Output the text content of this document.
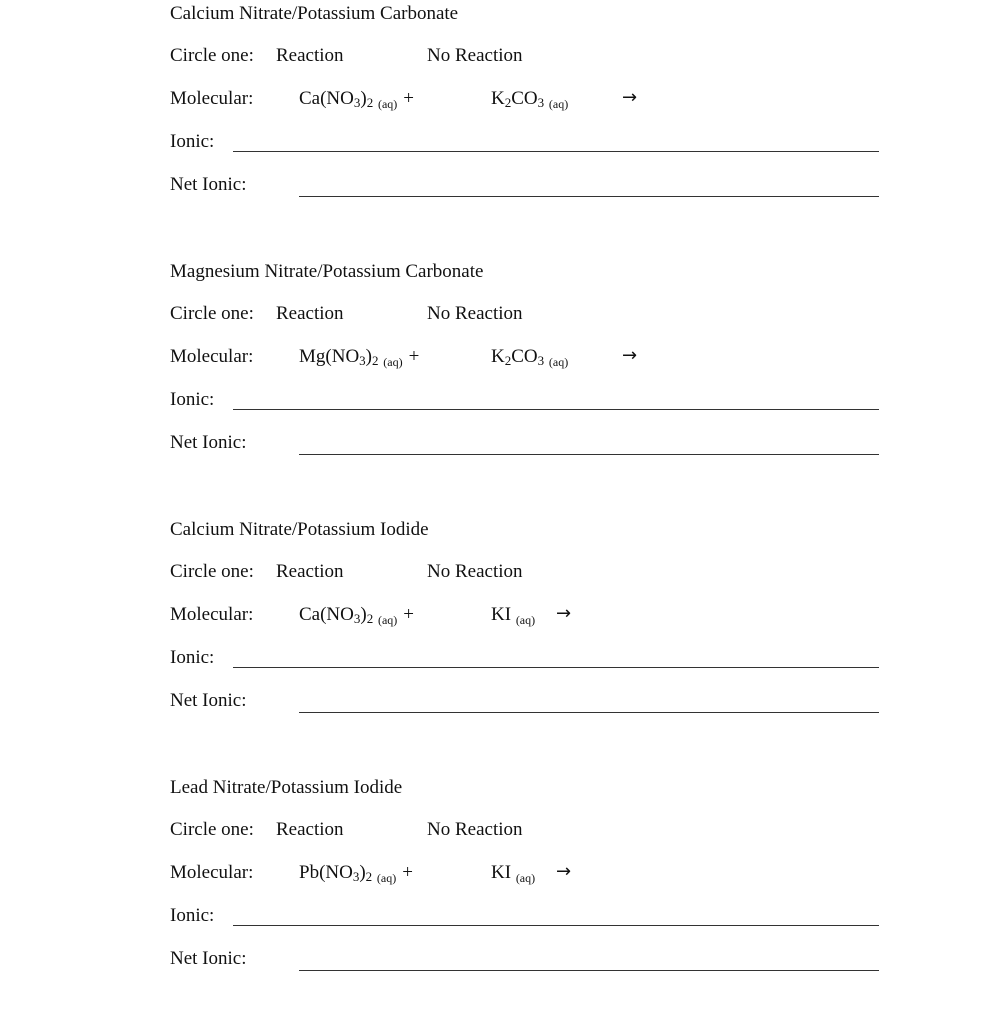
Calcium Nitrate/Potassium Carbonate
Circle one: Reaction	No Reaction
Molecular: $Ca(NO_3)_2$ $_{(aq)}$ +	$K_2CO_3$ $_{(aq)}$	→
Ionic:
Net Ionic:
Magnesium Nitrate/Potassium Carbonate
Circle one: Reaction	No Reaction
Molecular: $Mg(NO_3)_2$ $_{(aq)}$ +	$K_2CO_3$ $_{(aq)}$	→
Ionic:
Net Ionic:
Calcium Nitrate/Potassium Iodide
Circle one: Reaction	No Reaction
Molecular: $Ca(NO_3)_2$ $_{(aq)}$ +	KI $_{(aq)}$ →
Ionic:
Net Ionic:
Lead Nitrate/Potassium Iodide
Circle one: Reaction	No Reaction
Molecular: $Pb(NO_3)_2$ $_{(aq)}$ +	KI $_{(aq)}$ →
Ionic:
Net Ionic:
